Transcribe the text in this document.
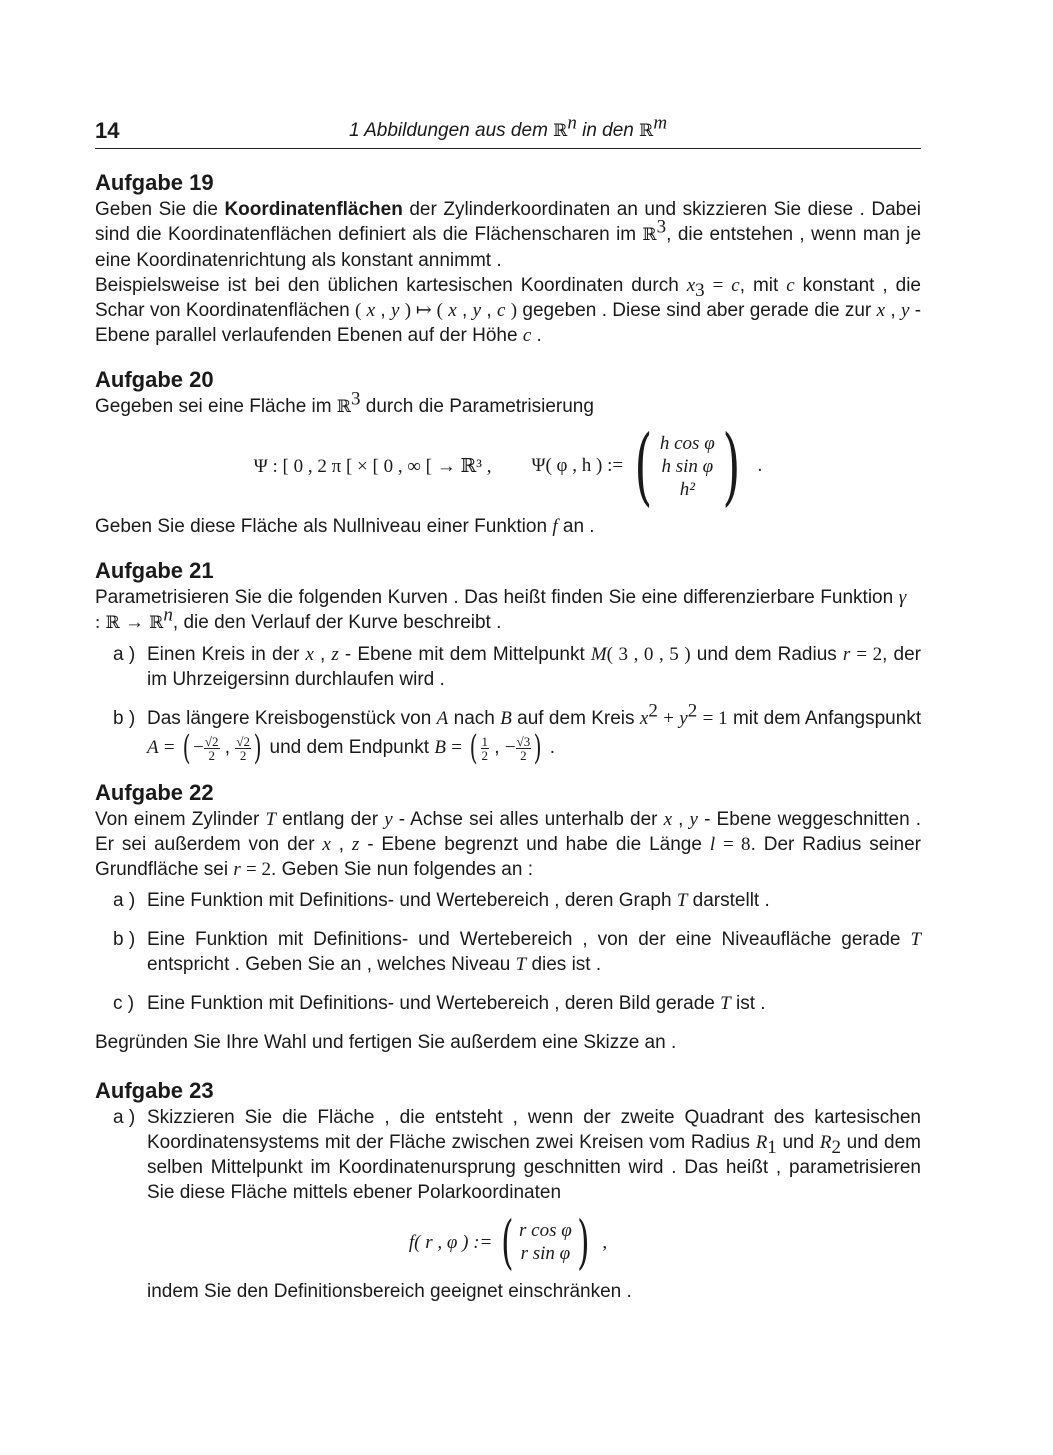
14	1 Abbildungen aus dem ℝ$^n$ in den ℝ$^m$
Aufgabe 19

Geben Sie die Koordinatenflächen der Zylinderkoordinaten an und skizzieren Sie diese . Dabei sind die Koordinatenflächen definiert als die Flächenscharen im ℝ$^3$, die entstehen , wenn man je eine Koordinatenrichtung als konstant annimmt .

Beispielsweise ist bei den üblichen kartesischen Koordinaten durch $x_3 = c$, mit c konstant , die Schar von Koordinatenflächen ( x , y ) ↦ ( x , y , c ) gegeben . Diese sind aber gerade die zur x , y - Ebene parallel verlaufenden Ebenen auf der Höhe c .

Aufgabe 20

Gegeben sei eine Fläche im ℝ$^3$ durch die Parametrisierung

Ψ : [ 0 , 2 π [ × [ 0 , ∞ [ → ℝ³ , Ψ( φ , h ) := ( h cos φ
h sin φ
h² ) .

Geben Sie diese Fläche als Nullniveau einer Funktion f an .

Aufgabe 21

Parametrisieren Sie die folgenden Kurven . Das heißt finden Sie eine differenzierbare Funktion γ⃗ : ℝ → ℝ$^n$, die den Verlauf der Kurve beschreibt .

a ) Einen Kreis in der x , z - Ebene mit dem Mittelpunkt M( 3 , 0 , 5 ) und dem Radius r = 2, der im Uhrzeigersinn durchlaufen wird .
b ) Das längere Kreisbogenstück von A nach B auf dem Kreis $x^2 + y^2 = 1$ mit dem Anfangspunkt A = ( − $\frac{√2}{2}$ , $\frac{√2}{2}$ ) und dem Endpunkt B = ( $\frac{1}{2}$ , − $\frac{√3}{2}$ ) .
Aufgabe 22

Von einem Zylinder T entlang der y - Achse sei alles unterhalb der x , y - Ebene weggeschnitten . Er sei außerdem von der x , z - Ebene begrenzt und habe die Länge l = 8. Der Radius seiner Grundfläche sei r = 2. Geben Sie nun folgendes an :

a ) Eine Funktion mit Definitions- und Wertebereich , deren Graph T darstellt .
b ) Eine Funktion mit Definitions- und Wertebereich , von der eine Niveaufläche gerade T entspricht . Geben Sie an , welches Niveau T dies ist .
c ) Eine Funktion mit Definitions- und Wertebereich , deren Bild gerade T ist .

Begründen Sie Ihre Wahl und fertigen Sie außerdem eine Skizze an .

Aufgabe 23
a ) Skizzieren Sie die Fläche , die entsteht , wenn der zweite Quadrant des kartesischen Koordinatensystems mit der Fläche zwischen zwei Kreisen vom Radius $R_1$ und $R_2$ und dem selben Mittelpunkt im Koordinatenursprung geschnitten wird . Das heißt , parametrisieren Sie diese Fläche mittels ebener Polarkoordinaten
f( r , φ ) := ( r cos φ
r sin φ ) ,
indem Sie den Definitionsbereich geeignet einschränken .
